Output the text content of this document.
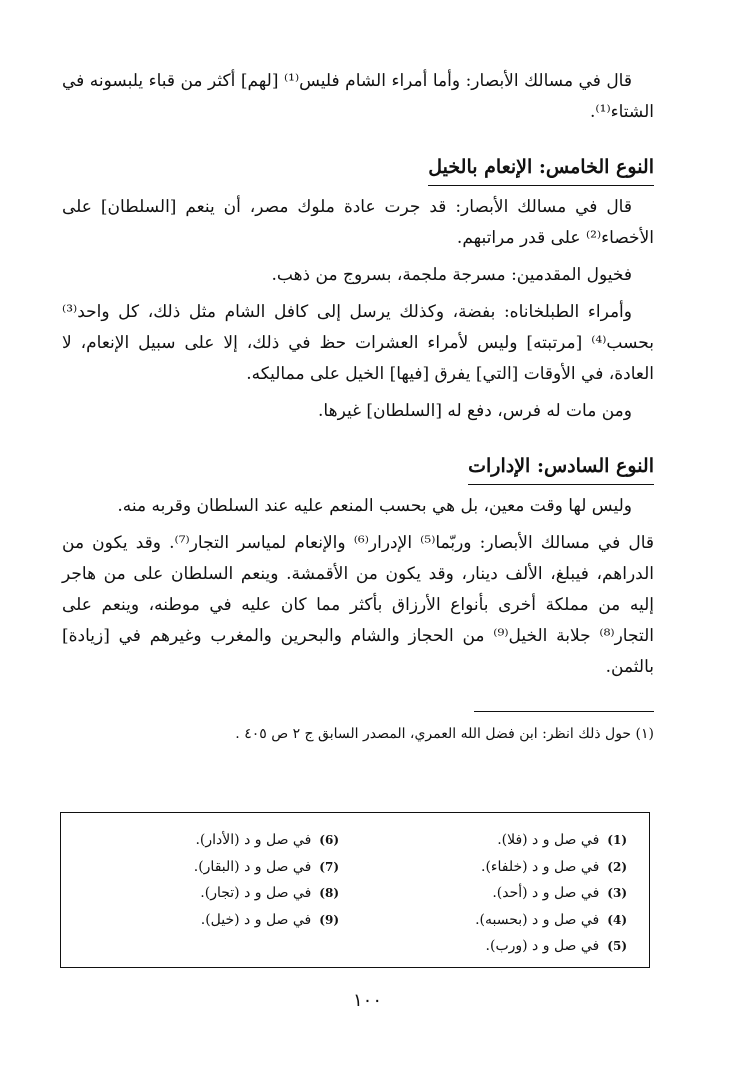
قال في مسالك الأبصار: وأما أمراء الشام فليس⁽¹⁾ [لهم] أكثر من قباء يلبسونه في الشتاء⁽¹⁾.

النوع الخامس: الإنعام بالخيل

قال في مسالك الأبصار: قد جرت عادة ملوك مصر، أن ينعم [السلطان] على الأخصاء⁽²⁾ على قدر مراتبهم.

فخيول المقدمين: مسرجة ملجمة، بسروج من ذهب.

وأمراء الطبلخاناه: بفضة، وكذلك يرسل إلى كافل الشام مثل ذلك، كل واحد⁽³⁾ بحسب⁽⁴⁾ [مرتبته] وليس لأمراء العشرات حظ في ذلك، إلا على سبيل الإنعام، لا العادة، في الأوقات [التي] يفرق [فيها] الخيل على مماليكه.

ومن مات له فرس، دفع له [السلطان] غيرها.

النوع السادس: الإدارات

وليس لها وقت معين، بل هي بحسب المنعم عليه عند السلطان وقربه منه.

قال في مسالك الأبصار: وربّما⁽⁵⁾ الإدرار⁽⁶⁾ والإنعام لمياسر التجار⁽⁷⁾. وقد يكون من الدراهم، فيبلغ، الألف دينار، وقد يكون من الأقمشة. وينعم السلطان على من هاجر إليه من مملكة أخرى بأنواع الأرزاق بأكثر مما كان عليه في موطنه، وينعم على التجار⁽⁸⁾ جلابة الخيل⁽⁹⁾ من الحجاز والشام والبحرين والمغرب وغيرهم في [زيادة] بالثمن.

(١) حول ذلك انظر: ابن فضل الله العمري، المصدر السابق ج ٢ ص ٤٠٥ .
(1)في صل و د (فلا).
(2)في صل و د (خلفاء).
(3)في صل و د (أحد).
(4)في صل و د (بحسبه).
(5)في صل و د (ورب).
(6)في صل و د (الأدار).
(7)في صل و د (البقار).
(8)في صل و د (تجار).
(9)في صل و د (خيل).
١٠٠
